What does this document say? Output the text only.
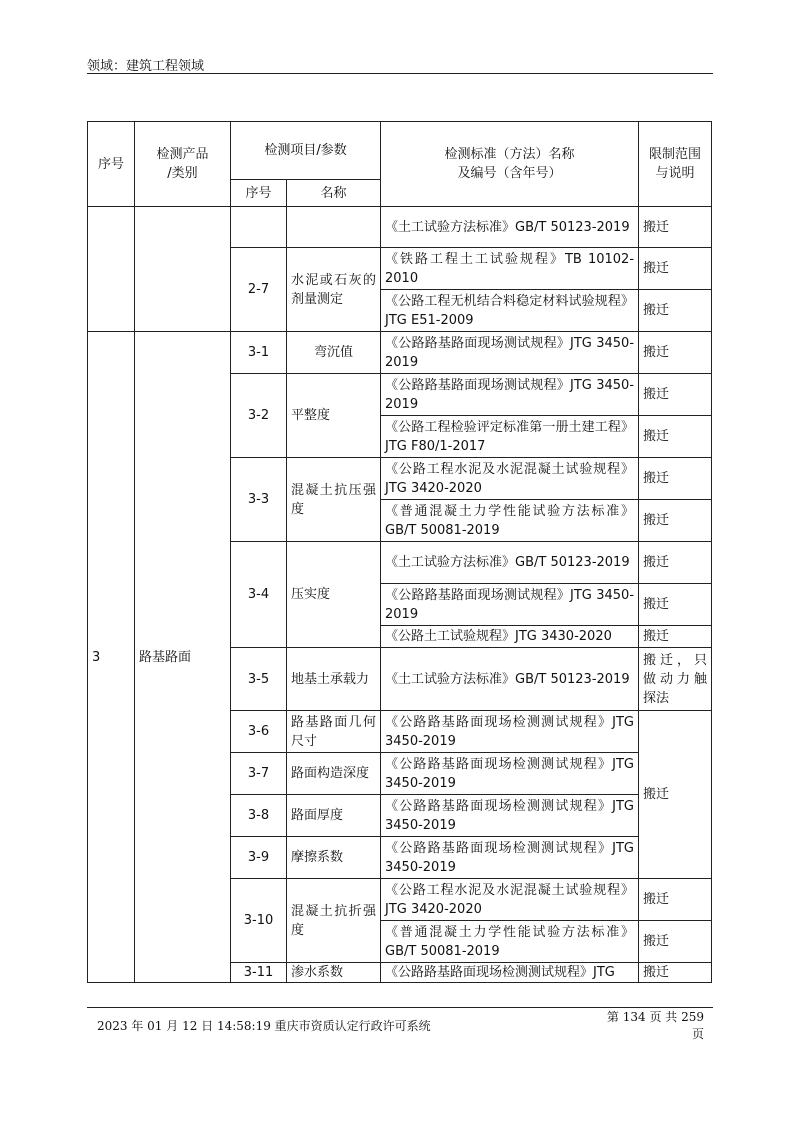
领域：建筑工程领域
序号	检测产品
/类别	检测项目/参数		检测标准（方法）名称
及编号（含年号）	限制范围
与说明
		序号	名称		
				《土工试验方法标准》GB/T 50123-2019	搬迁
		2-7	水泥或石灰的剂量测定	《铁路工程土工试验规程》TB 10102-2010	搬迁
				《公路工程无机结合料稳定材料试验规程》JTG E51-2009	搬迁
3	路基路面	3-1	弯沉值	《公路路基路面现场测试规程》JTG 3450-2019	搬迁
		3-2	平整度	《公路路基路面现场测试规程》JTG 3450-2019	搬迁
				《公路工程检验评定标准第一册土建工程》JTG F80/1-2017	搬迁
		3-3	混凝土抗压强度	《公路工程水泥及水泥混凝土试验规程》JTG 3420-2020	搬迁
				《普通混凝土力学性能试验方法标准》GB/T 50081-2019	搬迁
		3-4	压实度	《土工试验方法标准》GB/T 50123-2019	搬迁
				《公路路基路面现场测试规程》JTG 3450-2019	搬迁
				《公路土工试验规程》JTG 3430-2020	搬迁
		3-5	地基土承载力	《土工试验方法标准》GB/T 50123-2019	搬迁，只做动力触探法
		3-6	路基路面几何尺寸	《公路路基路面现场检测测试规程》JTG 3450-2019	搬迁
		3-7	路面构造深度	《公路路基路面现场检测测试规程》JTG 3450-2019	
		3-8	路面厚度	《公路路基路面现场检测测试规程》JTG 3450-2019	
		3-9	摩擦系数	《公路路基路面现场检测测试规程》JTG 3450-2019	
		3-10	混凝土抗折强度	《公路工程水泥及水泥混凝土试验规程》JTG 3420-2020	搬迁
				《普通混凝土力学性能试验方法标准》GB/T 50081-2019	搬迁
		3-11	渗水系数	《公路路基路面现场检测测试规程》JTG	搬迁
2023 年 01 月 12 日 14:58:19 重庆市资质认定行政许可系统
第 134 页 共 259
页
